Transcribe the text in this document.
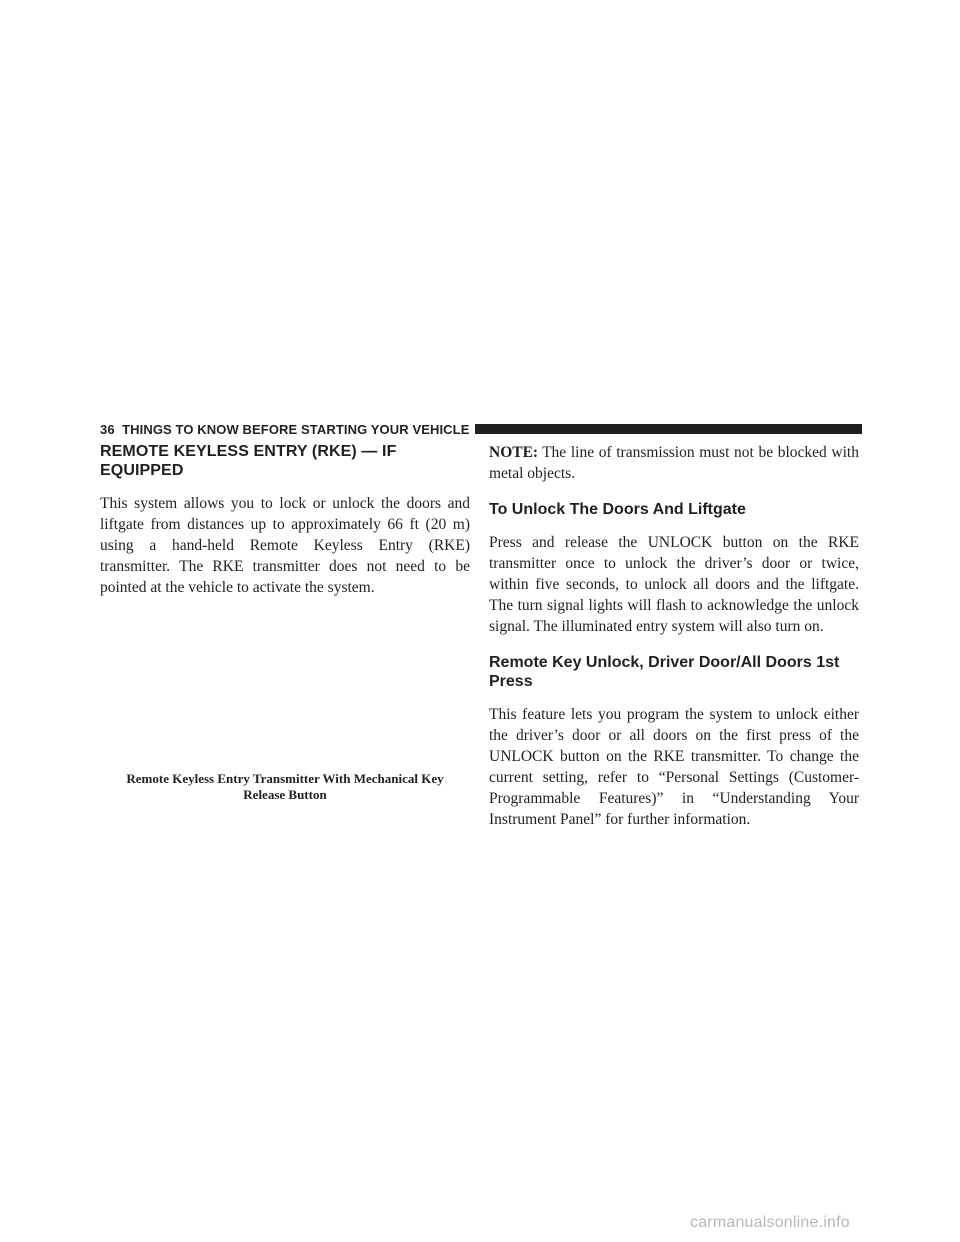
36 THINGS TO KNOW BEFORE STARTING YOUR VEHICLE
REMOTE KEYLESS ENTRY (RKE) — IF
EQUIPPED

This system allows you to lock or unlock the doors and liftgate from distances up to approximately 66 ft (20 m) using a hand-held Remote Keyless Entry (RKE) transmitter. The RKE transmitter does not need to be pointed at the vehicle to activate the system.

Remote Keyless Entry Transmitter With Mechanical Key
Release Button

NOTE: The line of transmission must not be blocked with metal objects.

To Unlock The Doors And Liftgate

Press and release the UNLOCK button on the RKE transmitter once to unlock the driver’s door or twice, within five seconds, to unlock all doors and the liftgate. The turn signal lights will flash to acknowledge the unlock signal. The illuminated entry system will also turn on.

Remote Key Unlock, Driver Door/All Doors 1st
Press

This feature lets you program the system to unlock either the driver’s door or all doors on the first press of the UNLOCK button on the RKE transmitter. To change the current setting, refer to “Personal Settings (Customer-Programmable Features)” in “Understanding Your Instrument Panel” for further information.

carmanualsonline.info
